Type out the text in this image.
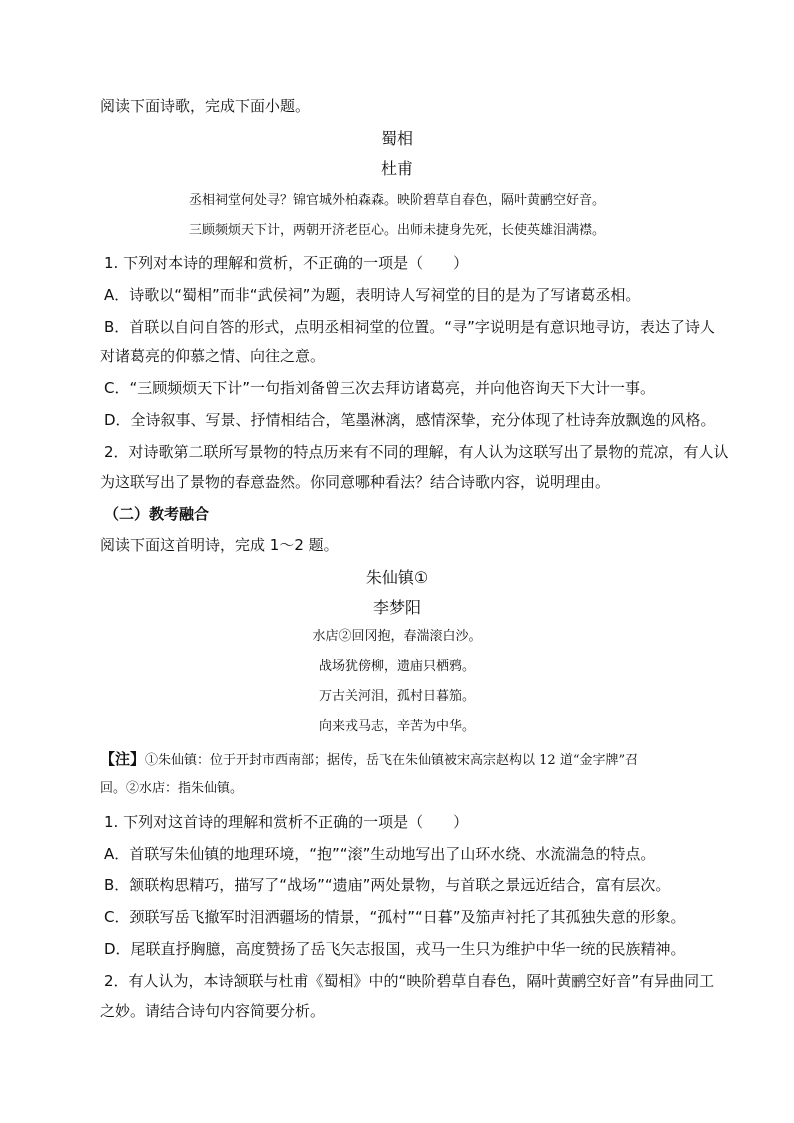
阅读下面诗歌，完成下面小题。
蜀相
杜甫
丞相祠堂何处寻？锦官城外柏森森。映阶碧草自春色，隔叶黄鹂空好音。
三顾频烦天下计，两朝开济老臣心。出师未捷身先死，长使英雄泪满襟。
1. 下列对本诗的理解和赏析，不正确的一项是（　　）
A．诗歌以“蜀相”而非“武侯祠”为题，表明诗人写祠堂的目的是为了写诸葛丞相。
B．首联以自问自答的形式，点明丞相祠堂的位置。“寻”字说明是有意识地寻访，表达了诗人
对诸葛亮的仰慕之情、向往之意。
C．“三顾频烦天下计”一句指刘备曾三次去拜访诸葛亮，并向他咨询天下大计一事。
D．全诗叙事、写景、抒情相结合，笔墨淋漓，感情深挚，充分体现了杜诗奔放飘逸的风格。
2．对诗歌第二联所写景物的特点历来有不同的理解，有人认为这联写出了景物的荒凉，有人认
为这联写出了景物的春意盎然。你同意哪种看法？结合诗歌内容，说明理由。
（二）教考融合
阅读下面这首明诗，完成 1～2 题。
朱仙镇①
李梦阳
水店②回冈抱，春湍滚白沙。
战场犹傍柳，遗庙只栖鸦。
万古关河泪，孤村日暮笳。
向来戎马志，辛苦为中华。
【注】①朱仙镇：位于开封市西南部；据传，岳飞在朱仙镇被宋高宗赵构以 12 道“金字牌”召
回。②水店：指朱仙镇。
1. 下列对这首诗的理解和赏析不正确的一项是（　　）
A．首联写朱仙镇的地理环境，“抱”“滚”生动地写出了山环水绕、水流湍急的特点。
B．颔联构思精巧，描写了“战场”“遗庙”两处景物，与首联之景远近结合，富有层次。
C．颈联写岳飞撤军时泪洒疆场的情景，“孤村”“日暮”及笳声衬托了其孤独失意的形象。
D．尾联直抒胸臆，高度赞扬了岳飞矢志报国，戎马一生只为维护中华一统的民族精神。
2．有人认为，本诗颔联与杜甫《蜀相》中的“映阶碧草自春色，隔叶黄鹂空好音”有异曲同工
之妙。请结合诗句内容简要分析。
